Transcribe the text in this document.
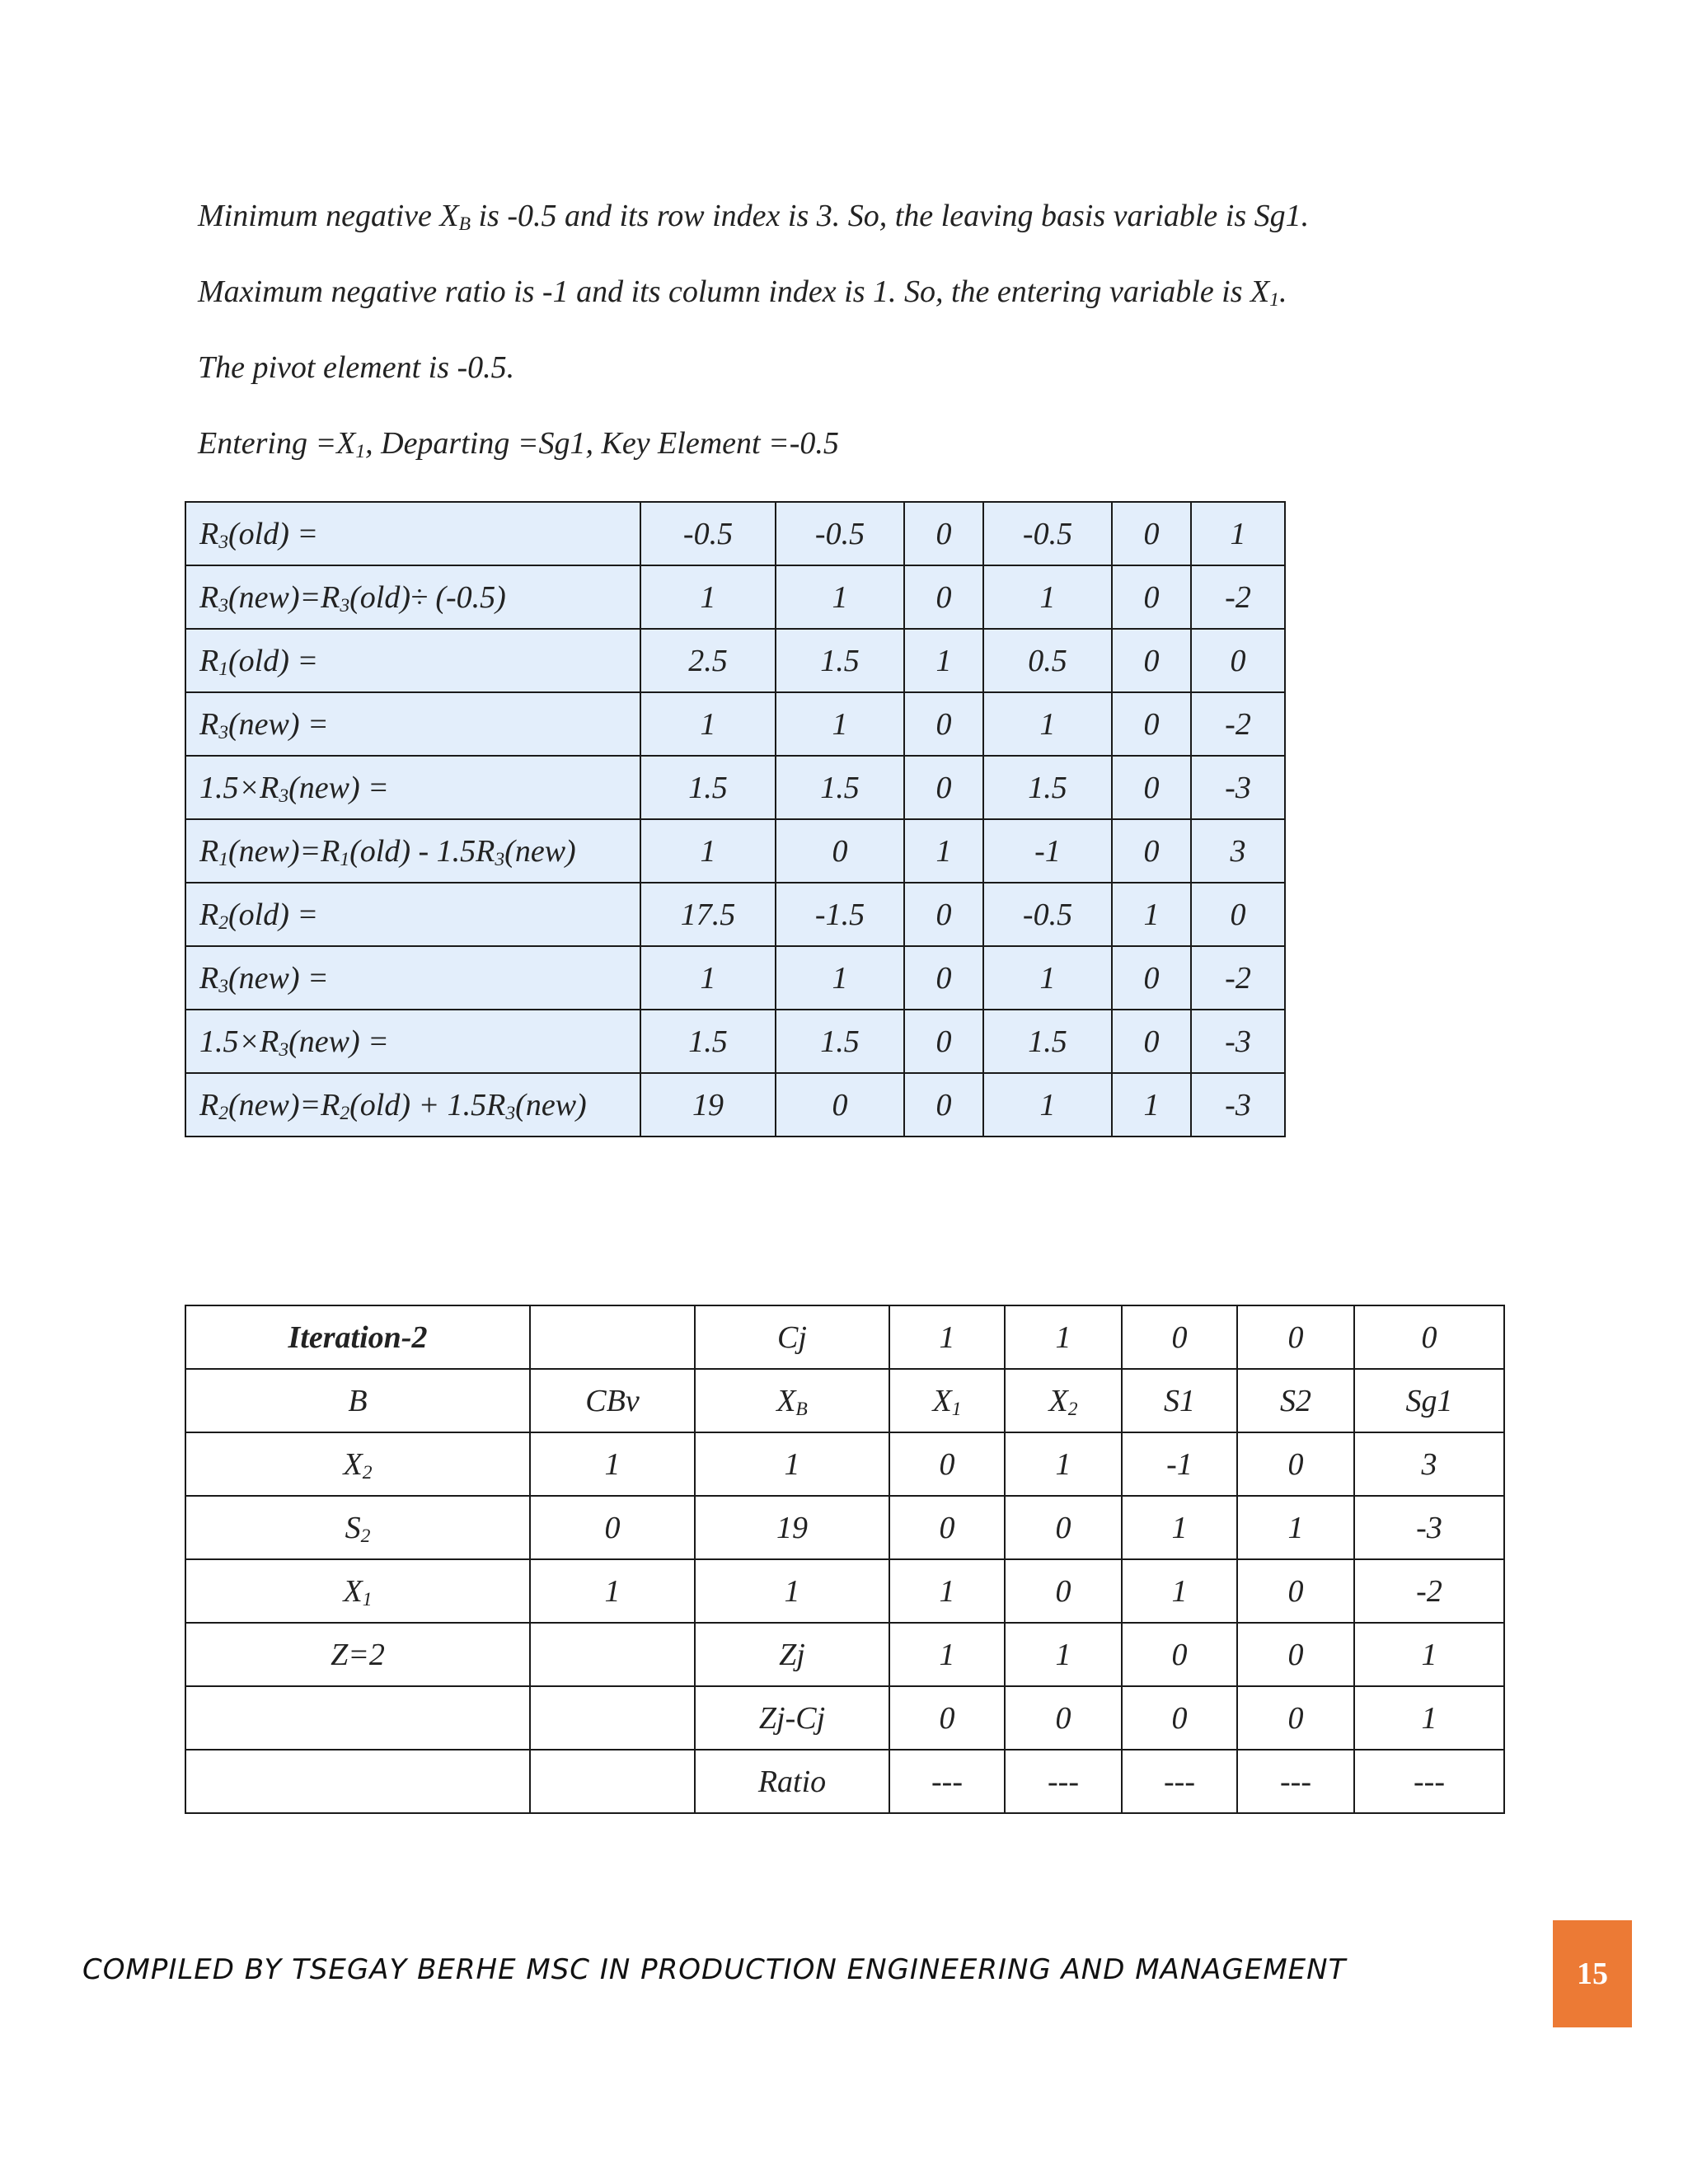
Minimum negative $X_B$ is -0.5 and its row index is 3. So, the leaving basis variable is Sg1.

Maximum negative ratio is -1 and its column index is 1. So, the entering variable is $X_1$.

The pivot element is -0.5.

Entering $=X_1$, Departing =Sg1, Key Element =-0.5

$R_3(old)$ =	-0.5	-0.5	0	-0.5	0	1
$R_3(new)=R_3(old)\div (-0.5)$	1	1	0	1	0	-2
$R_1(old)$ =	2.5	1.5	1	0.5	0	0
$R_3(new)$ =	1	1	0	1	0	-2
$1.5\times R_3(new)$ =	1.5	1.5	0	1.5	0	-3
$R_1(new)=R_1(old) - 1.5R_3(new)$	1	0	1	-1	0	3
$R_2(old)$ =	17.5	-1.5	0	-0.5	1	0
$R_3(new)$ =	1	1	0	1	0	-2
$1.5\times R_3(new)$ =	1.5	1.5	0	1.5	0	-3
$R_2(new)=R_2(old) + 1.5R_3(new)$	19	0	0	1	1	-3
Iteration-2		Cj	1	1	0	0	0
B	CBv	$X_B$	$X_1$	$X_2$	S1	S2	Sg1
$X_2$	1	1	0	1	-1	0	3
$S_2$	0	19	0	0	1	1	-3
$X_1$	1	1	1	0	1	0	-2
Z=2		Zj	1	1	0	0	1
		Zj-Cj	0	0	0	0	1
		Ratio	---	---	---	---	---
COMPILED BY TSEGAY BERHE MSC IN PRODUCTION ENGINEERING AND MANAGEMENT	15
